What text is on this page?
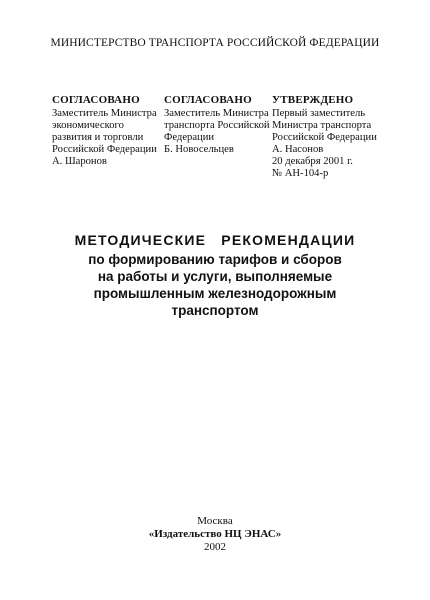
МИНИСТЕРСТВО ТРАНСПОРТА РОССИЙСКОЙ ФЕДЕРАЦИИ
СОГЛАСОВАНО
Заместитель Министра
экономического
развития и торговли
Российской Федерации
А. Шаронов
СОГЛАСОВАНО
Заместитель Министра
транспорта Российской
Федерации
Б. Новосельцев
УТВЕРЖДЕНО
Первый заместитель
Министра транспорта
Российской Федерации
А. Насонов
20 декабря 2001 г.
№ АН-104-р
МЕТОДИЧЕСКИЕ РЕКОМЕНДАЦИИ
по формированию тарифов и сборов
на работы и услуги, выполняемые
промышленным железнодорожным
транспортом
Москва
«Издательство НЦ ЭНАС»
2002
